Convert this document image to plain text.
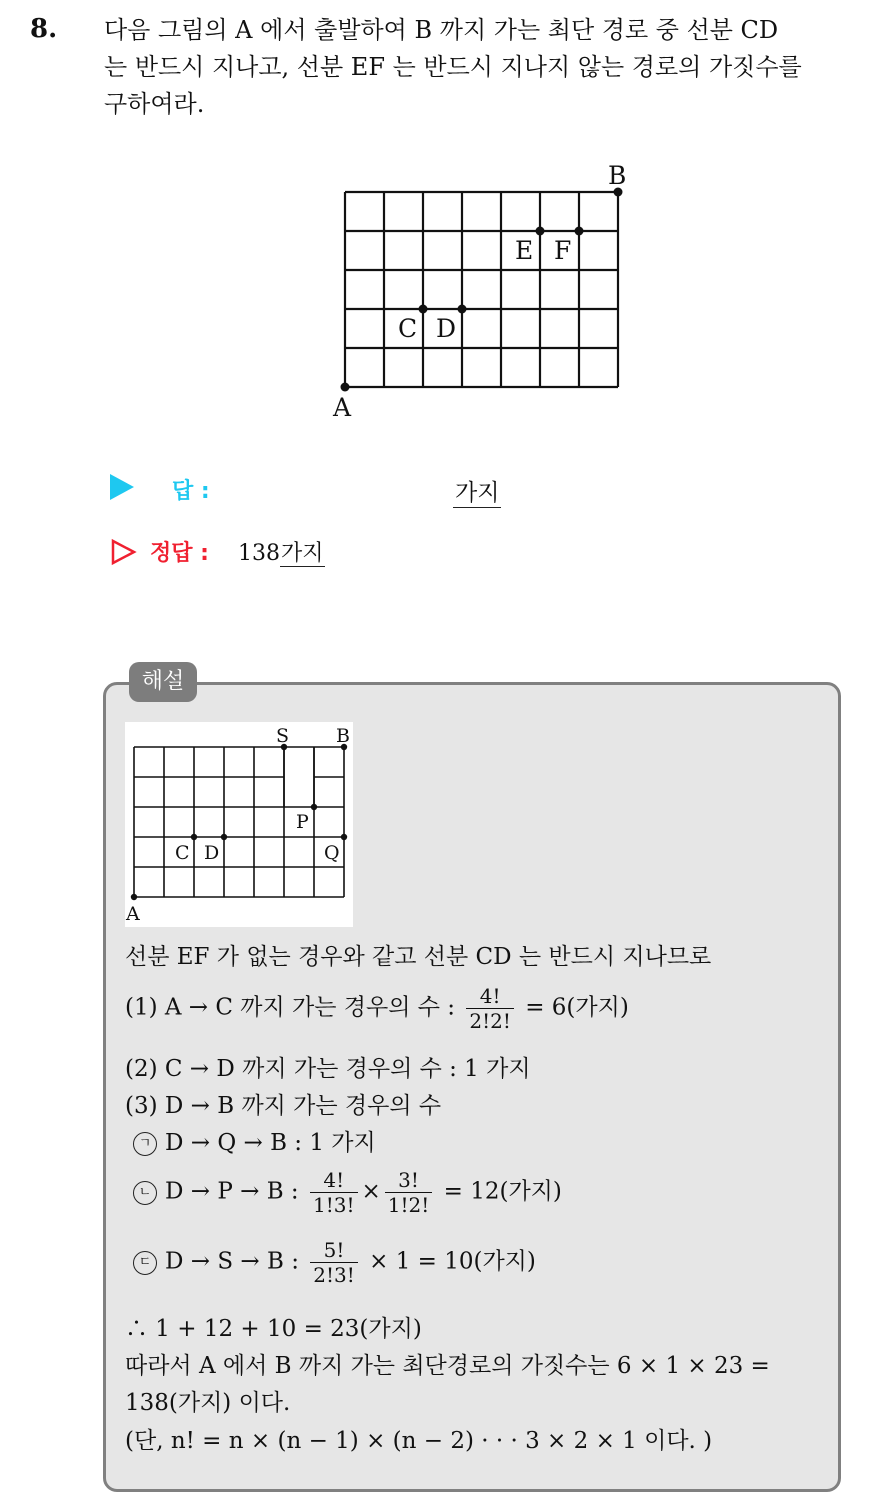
8. 다음 그림의 A 에서 출발하여 B 까지 가는 최단 경로 중 선분 CD
는 반드시 지나고, 선분 EF 는 반드시 지나지 않는 경로의 가짓수를
구하여라.
A
B
C D
E F
답 :	가지
정답 : 138가지
해설
A
B
S
P
Q
C D
선분 EF 가 없는 경우와 같고 선분 CD 는 반드시 지나므로
(1) A → C 까지 가는 경우의 수 : $\frac{4!}{2!2!} = 6$(가지)
(2) C → D 까지 가는 경우의 수 : 1 가지
(3) D → B 까지 가는 경우의 수
ㄱ D → Q → B : 1 가지
ㄴ D → P → B : $\frac{4!}{1!3!} \times \frac{3!}{1!2!} = 12$(가지)
ㄷ D → S → B : $\frac{5!}{2!3!} \times 1 = 10$(가지)
∴ 1 + 12 + 10 = 23(가지)
따라서 A 에서 B 까지 가는 최단경로의 가짓수는 6 × 1 × 23 =
138(가지) 이다.
(단, n! = n × (n − 1) × (n − 2) · · · 3 × 2 × 1 이다. )
